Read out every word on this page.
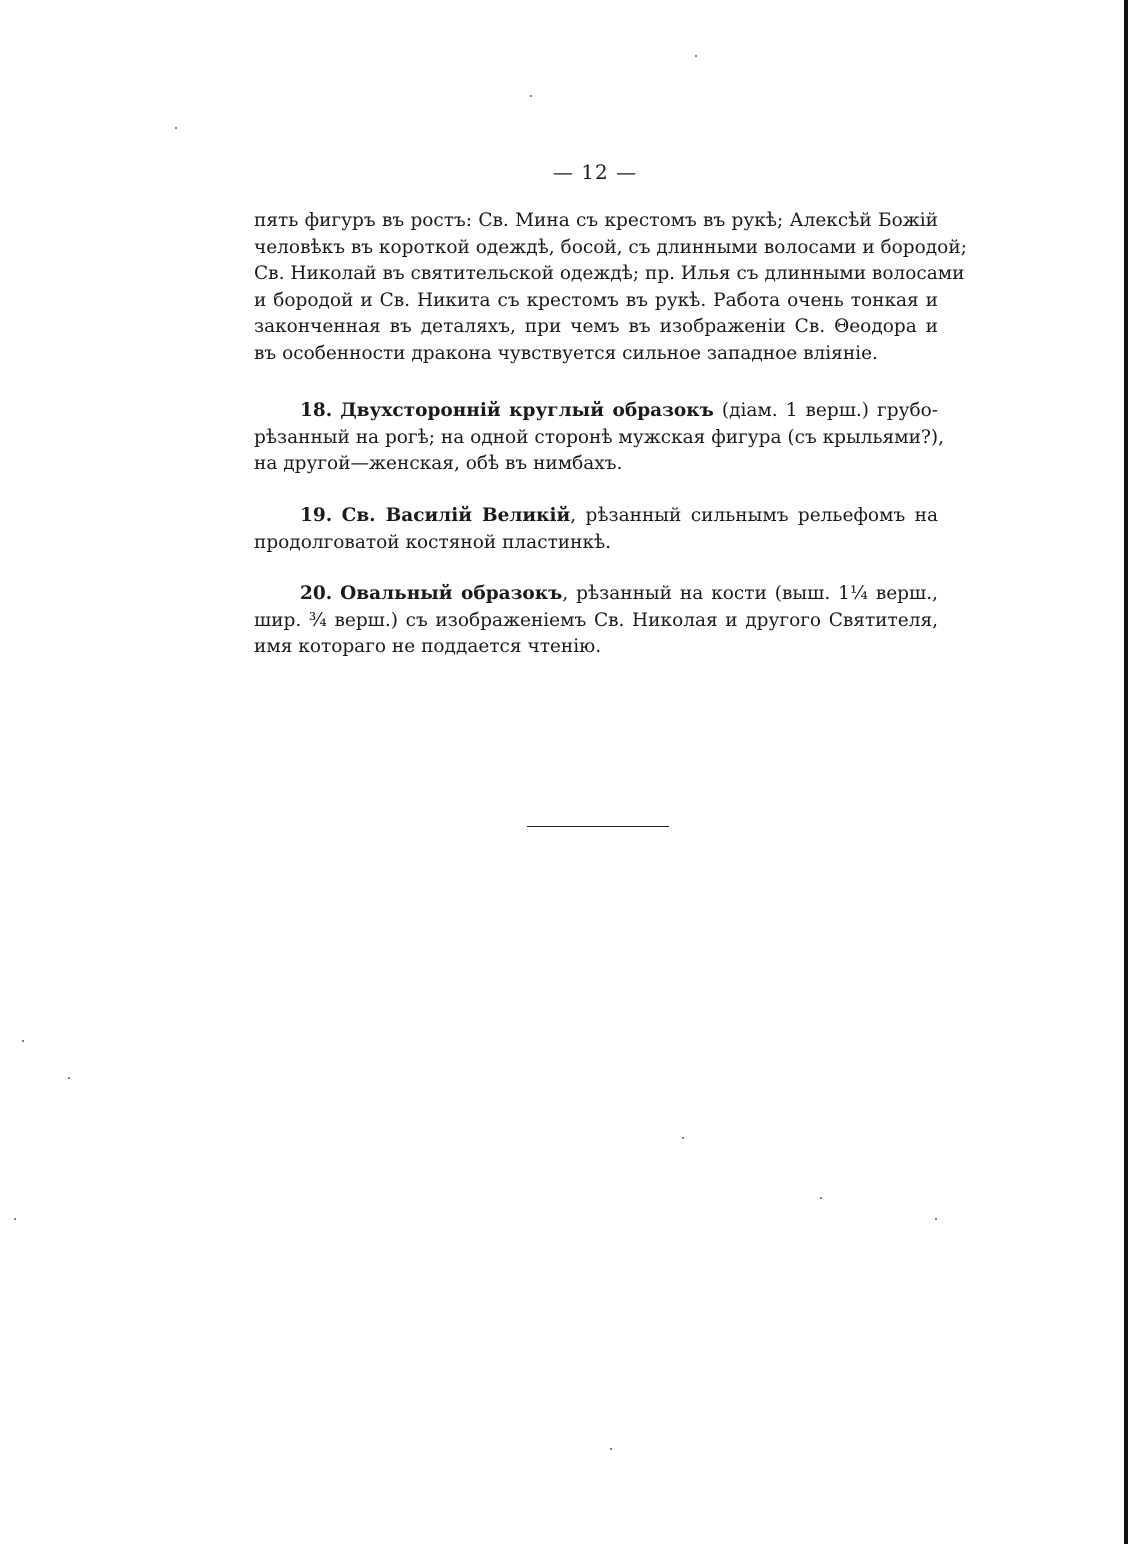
— 12 —
пять фигуръ въ ростъ: Св. Мина съ крестомъ въ рукѣ; Алексѣй Божій
человѣкъ въ короткой одеждѣ, босой, съ длинными волосами и бородой;
Св. Николай въ святительской одеждѣ; пр. Илья съ длинными волосами
и бородой и Св. Никита съ крестомъ въ рукѣ. Работа очень тонкая и
законченная въ деталяхъ, при чемъ въ изображеніи Св. Θеодора и
въ особенности дракона чувствуется сильное западное вліяніе.
18. Двухсторонній круглый образокъ (діам. 1 верш.) грубо-
рѣзанный на рогѣ; на одной сторонѣ мужская фигура (съ крыльями?),
на другой—женская, обѣ въ нимбахъ.
19. Св. Василій Великій, рѣзанный сильнымъ рельефомъ на
продолговатой костяной пластинкѣ.
20. Овальный образокъ, рѣзанный на кости (выш. 1¼ верш.,
шир. ¾ верш.) съ изображеніемъ Св. Николая и другого Святителя,
имя котораго не поддается чтенію.
